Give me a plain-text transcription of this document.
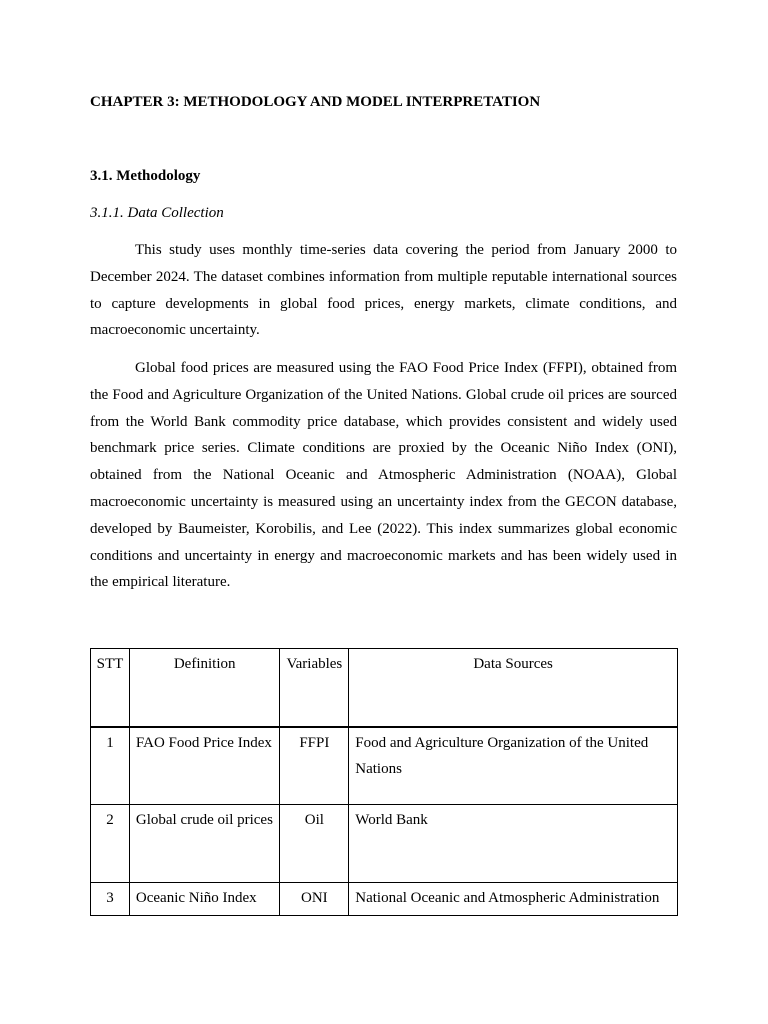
CHAPTER 3: METHODOLOGY AND MODEL INTERPRETATION
3.1. Methodology
3.1.1. Data Collection

This study uses monthly time-series data covering the period from January 2000 to December 2024. The dataset combines information from multiple reputable international sources to capture developments in global food prices, energy markets, climate conditions, and macroeconomic uncertainty.

Global food prices are measured using the FAO Food Price Index (FFPI), obtained from the Food and Agriculture Organization of the United Nations. Global crude oil prices are sourced from the World Bank commodity price database, which provides consistent and widely used benchmark price series. Climate conditions are proxied by the Oceanic Niño Index (ONI), obtained from the National Oceanic and Atmospheric Administration (NOAA), Global macroeconomic uncertainty is measured using an uncertainty index from the GECON database, developed by Baumeister, Korobilis, and Lee (2022). This index summarizes global economic conditions and uncertainty in energy and macroeconomic markets and has been widely used in the empirical literature.

STT	Definition	Variables	Data Sources
1	FAO Food Price Index	FFPI	Food and Agriculture Organization of the United Nations
2	Global crude oil prices	Oil	World Bank
3	Oceanic Niño Index	ONI	National Oceanic and Atmospheric Administration
